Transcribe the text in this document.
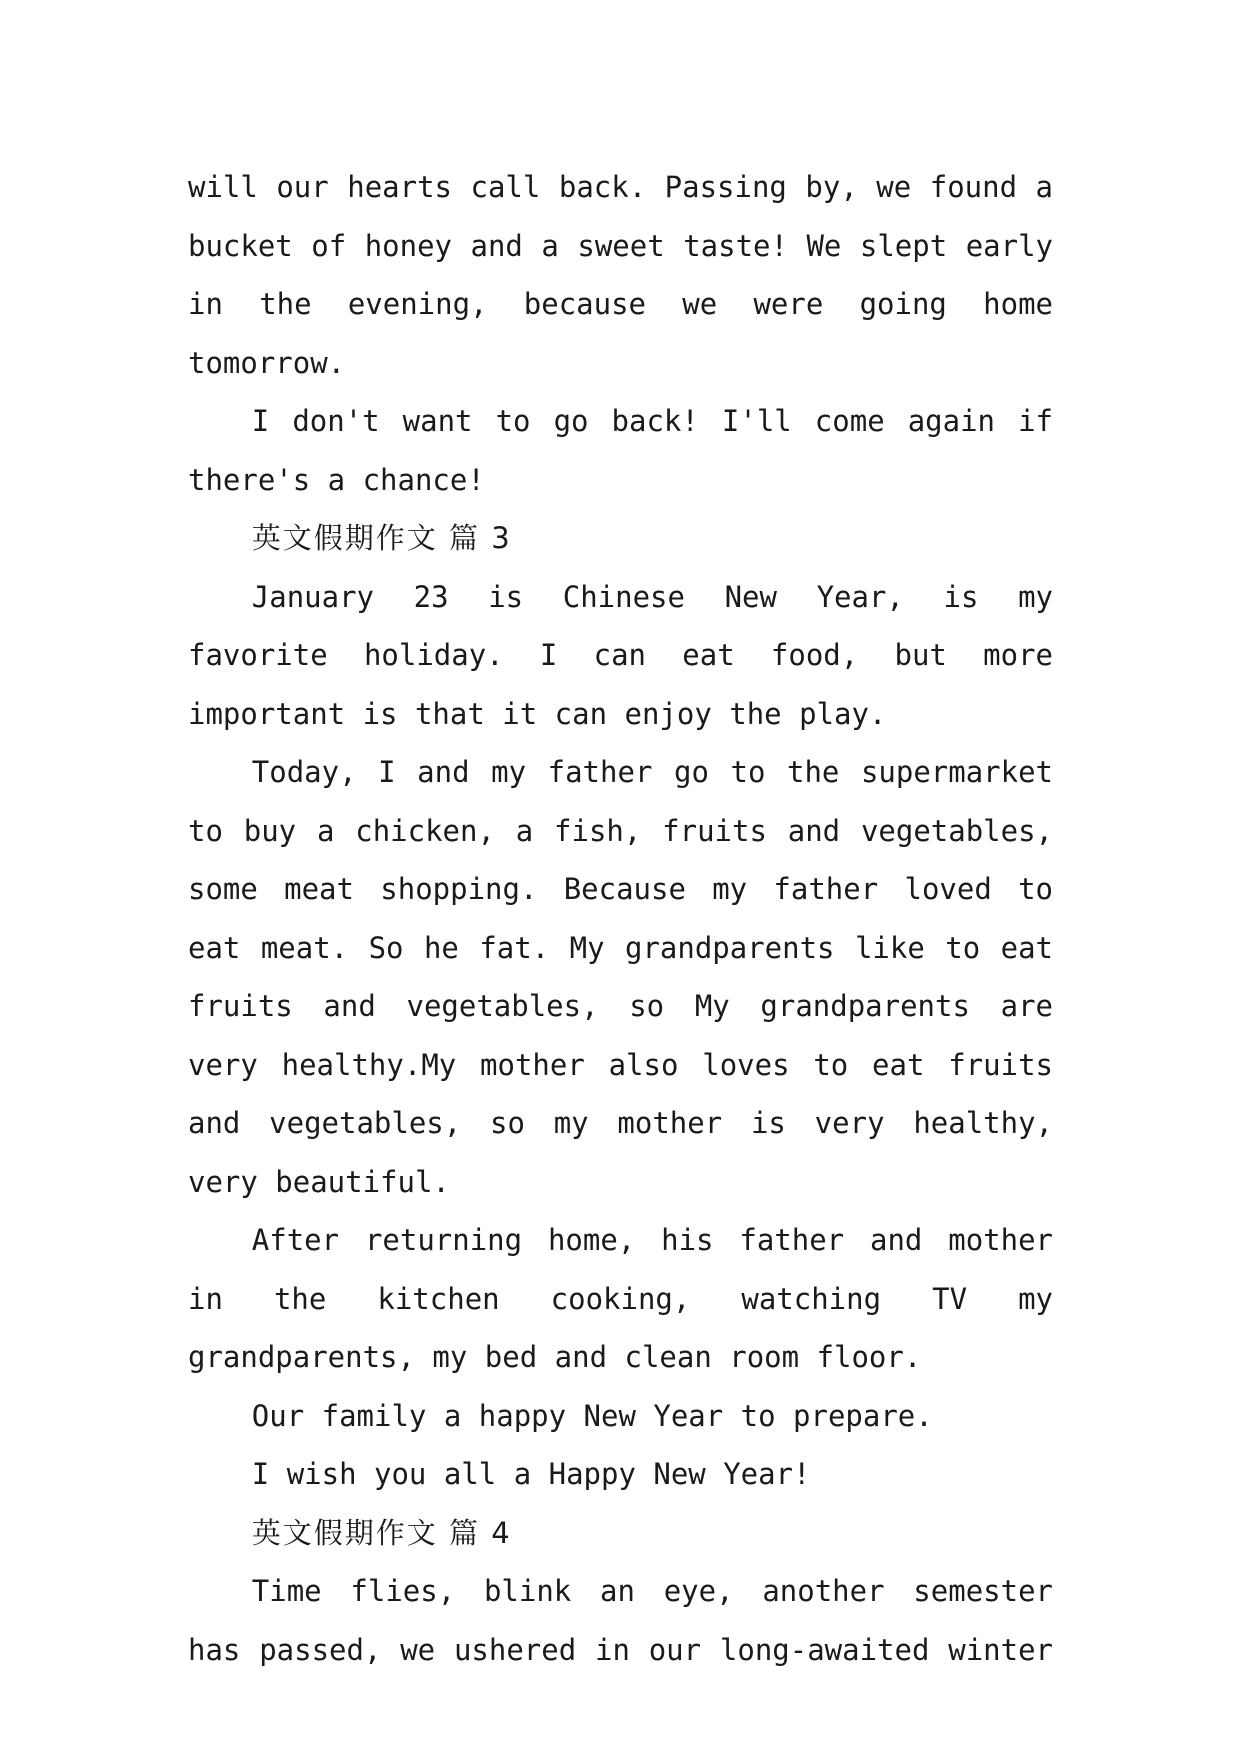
will our hearts call back. Passing by, we found a bucket of honey and a sweet taste! We slept early in the evening, because we were going home tomorrow.

I don't want to go back! I'll come again if there's a chance!

英文假期作文 篇 3

January 23 is Chinese New Year, is my favorite holiday. I can eat food, but more important is that it can enjoy the play.

Today, I and my father go to the supermarket to buy a chicken, a fish, fruits and vegetables, some meat shopping. Because my father loved to eat meat. So he fat. My grandparents like to eat fruits and vegetables, so My grandparents are very healthy.My mother also loves to eat fruits and vegetables, so my mother is very healthy, very beautiful.

After returning home, his father and mother in the kitchen cooking, watching TV my grandparents, my bed and clean room floor.

Our family a happy New Year to prepare.

I wish you all a Happy New Year!

英文假期作文 篇 4

Time flies, blink an eye, another semester has passed, we ushered in our long-awaited winter
